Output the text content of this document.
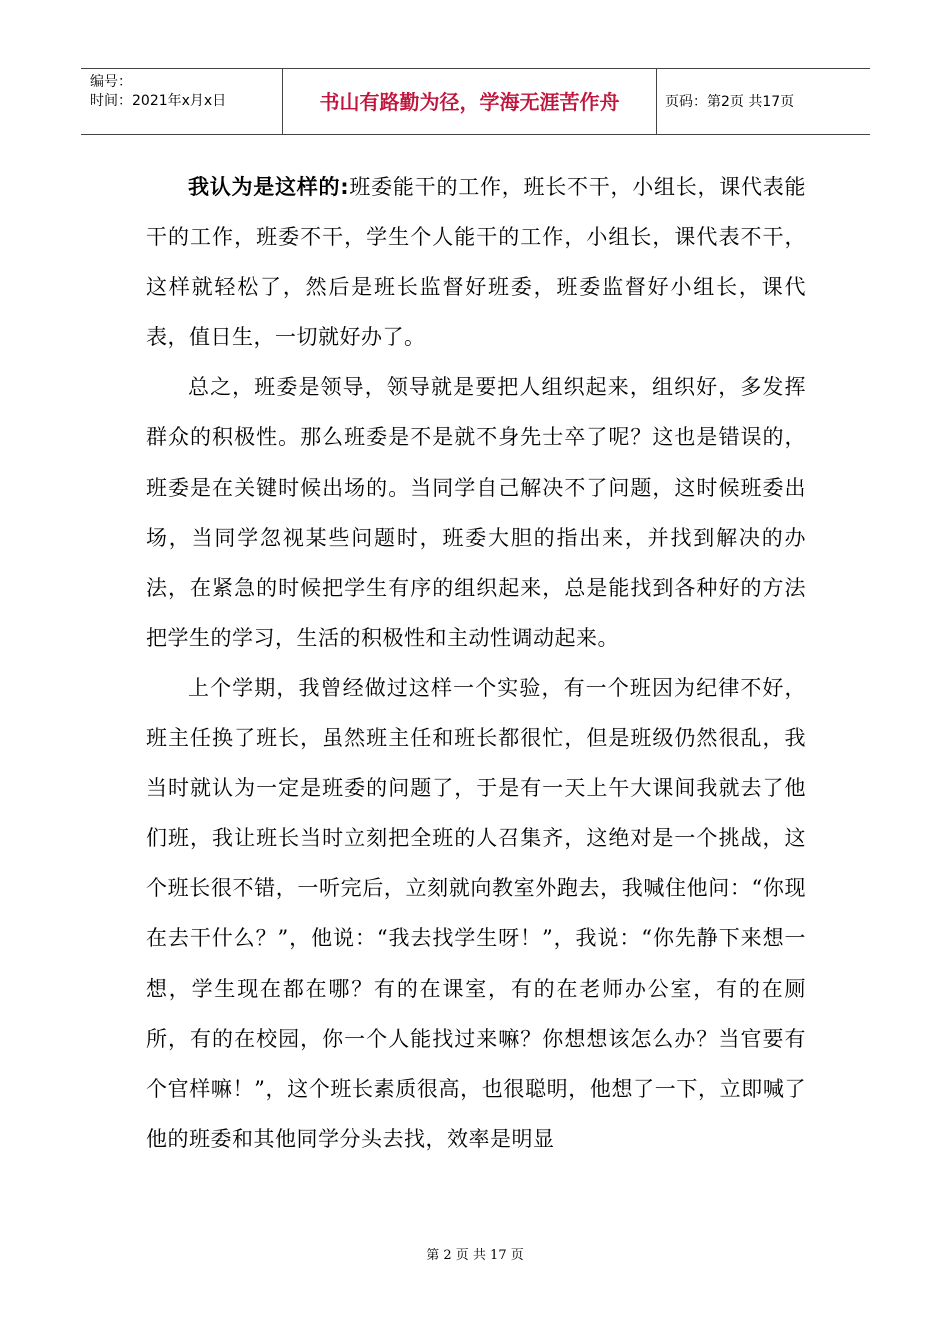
编号：
时间：2021年x月x日	书山有路勤为径，学海无涯苦作舟	页码：第2页 共17页

我认为是这样的:班委能干的工作，班长不干，小组长，课代表能干的工作，班委不干，学生个人能干的工作，小组长，课代表不干，这样就轻松了，然后是班长监督好班委，班委监督好小组长，课代表，值日生，一切就好办了。

总之，班委是领导，领导就是要把人组织起来，组织好，多发挥群众的积极性。那么班委是不是就不身先士卒了呢？这也是错误的，班委是在关键时候出场的。当同学自己解决不了问题，这时候班委出场，当同学忽视某些问题时，班委大胆的指出来，并找到解决的办法，在紧急的时候把学生有序的组织起来，总是能找到各种好的方法把学生的学习，生活的积极性和主动性调动起来。

上个学期，我曾经做过这样一个实验，有一个班因为纪律不好，班主任换了班长，虽然班主任和班长都很忙，但是班级仍然很乱，我当时就认为一定是班委的问题了，于是有一天上午大课间我就去了他们班，我让班长当时立刻把全班的人召集齐，这绝对是一个挑战，这个班长很不错，一听完后，立刻就向教室外跑去，我喊住他问：“你现在去干什么？”，他说：“我去找学生呀！”，我说：“你先静下来想一想，学生现在都在哪？有的在课室，有的在老师办公室，有的在厕所，有的在校园，你一个人能找过来嘛？你想想该怎么办？当官要有个官样嘛！”，这个班长素质很高，也很聪明，他想了一下，立即喊了他的班委和其他同学分头去找，效率是明显

第 2 页 共 17 页
